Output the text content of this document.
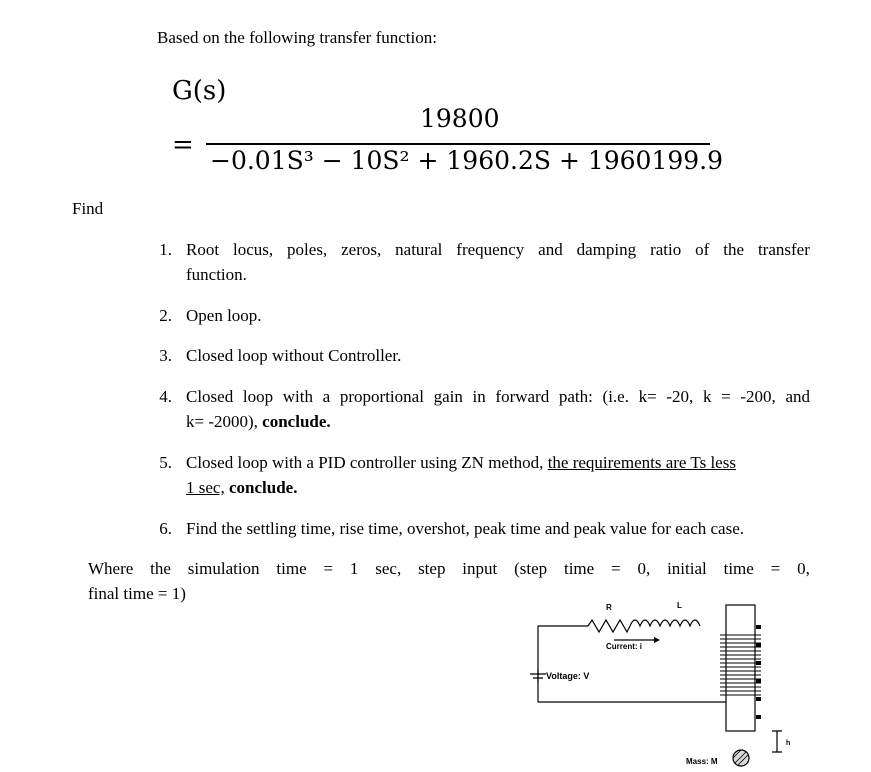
Based on the following transfer function:
G(s)
=
19800
−0.01S³ − 10S² + 1960.2S + 1960199.9
Find
1. Root locus, poles, zeros, natural frequency and damping ratio of the transfer
function.
2. Open loop.
3. Closed loop without Controller.
4. Closed loop with a proportional gain in forward path: (i.e. k= -20, k = -200, and
k= -2000), conclude.
5. Closed loop with a PID controller using ZN method, the requirements are Ts less
1 sec, conclude.
6. Find the settling time, rise time, overshot, peak time and peak value for each case.
Where the simulation time = 1 sec, step input (step time = 0, initial time = 0,
final time = 1)
R	L
Current: i
Voltage: V
Mass: M
h
